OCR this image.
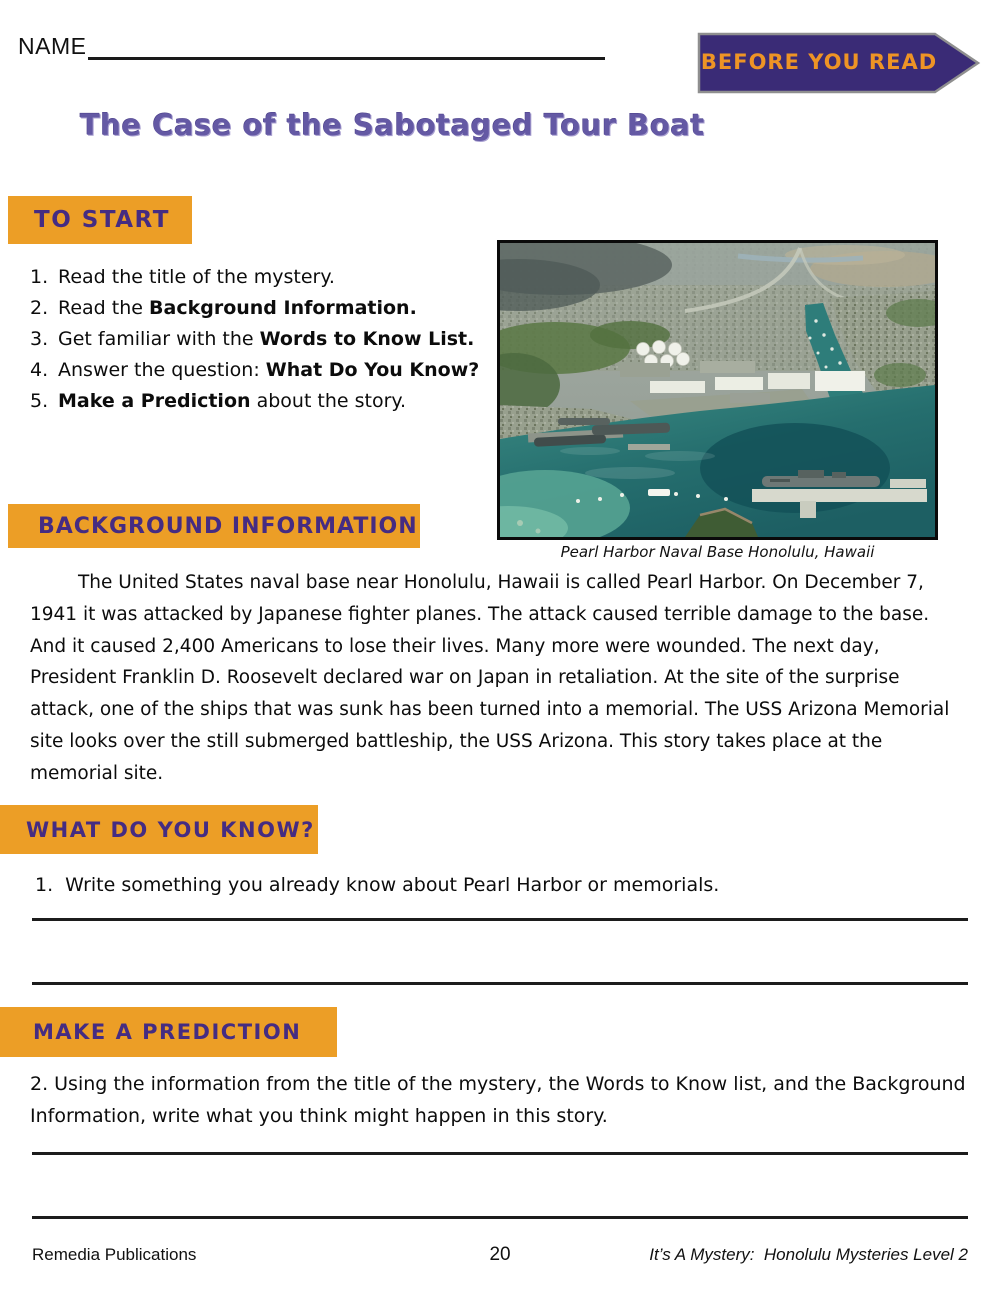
NAME
BEFORE YOU READ
The Case of the Sabotaged Tour Boat
TO START
1. Read the title of the mystery.
2. Read the Background Information.
3. Get familiar with the Words to Know List.
4. Answer the question: What Do You Know?
5. Make a Prediction about the story.
Pearl Harbor Naval Base Honolulu, Hawaii
BACKGROUND INFORMATION

The United States naval base near Honolulu, Hawaii is called Pearl Harbor. On December 7, 1941 it was attacked by Japanese fighter planes. The attack caused terrible damage to the base. And it caused 2,400 Americans to lose their lives. Many more were wounded. The next day, President Franklin D. Roosevelt declared war on Japan in retaliation. At the site of the surprise attack, one of the ships that was sunk has been turned into a memorial. The USS Arizona Memorial site looks over the still submerged battleship, the USS Arizona. This story takes place at the memorial site.

WHAT DO YOU KNOW?

1. Write something you already know about Pearl Harbor or memorials.

MAKE A PREDICTION

2. Using the information from the title of the mystery, the Words to Know list, and the Background Information, write what you think might happen in this story.

Remedia Publications	20	It’s A Mystery:  Honolulu Mysteries Level 2
